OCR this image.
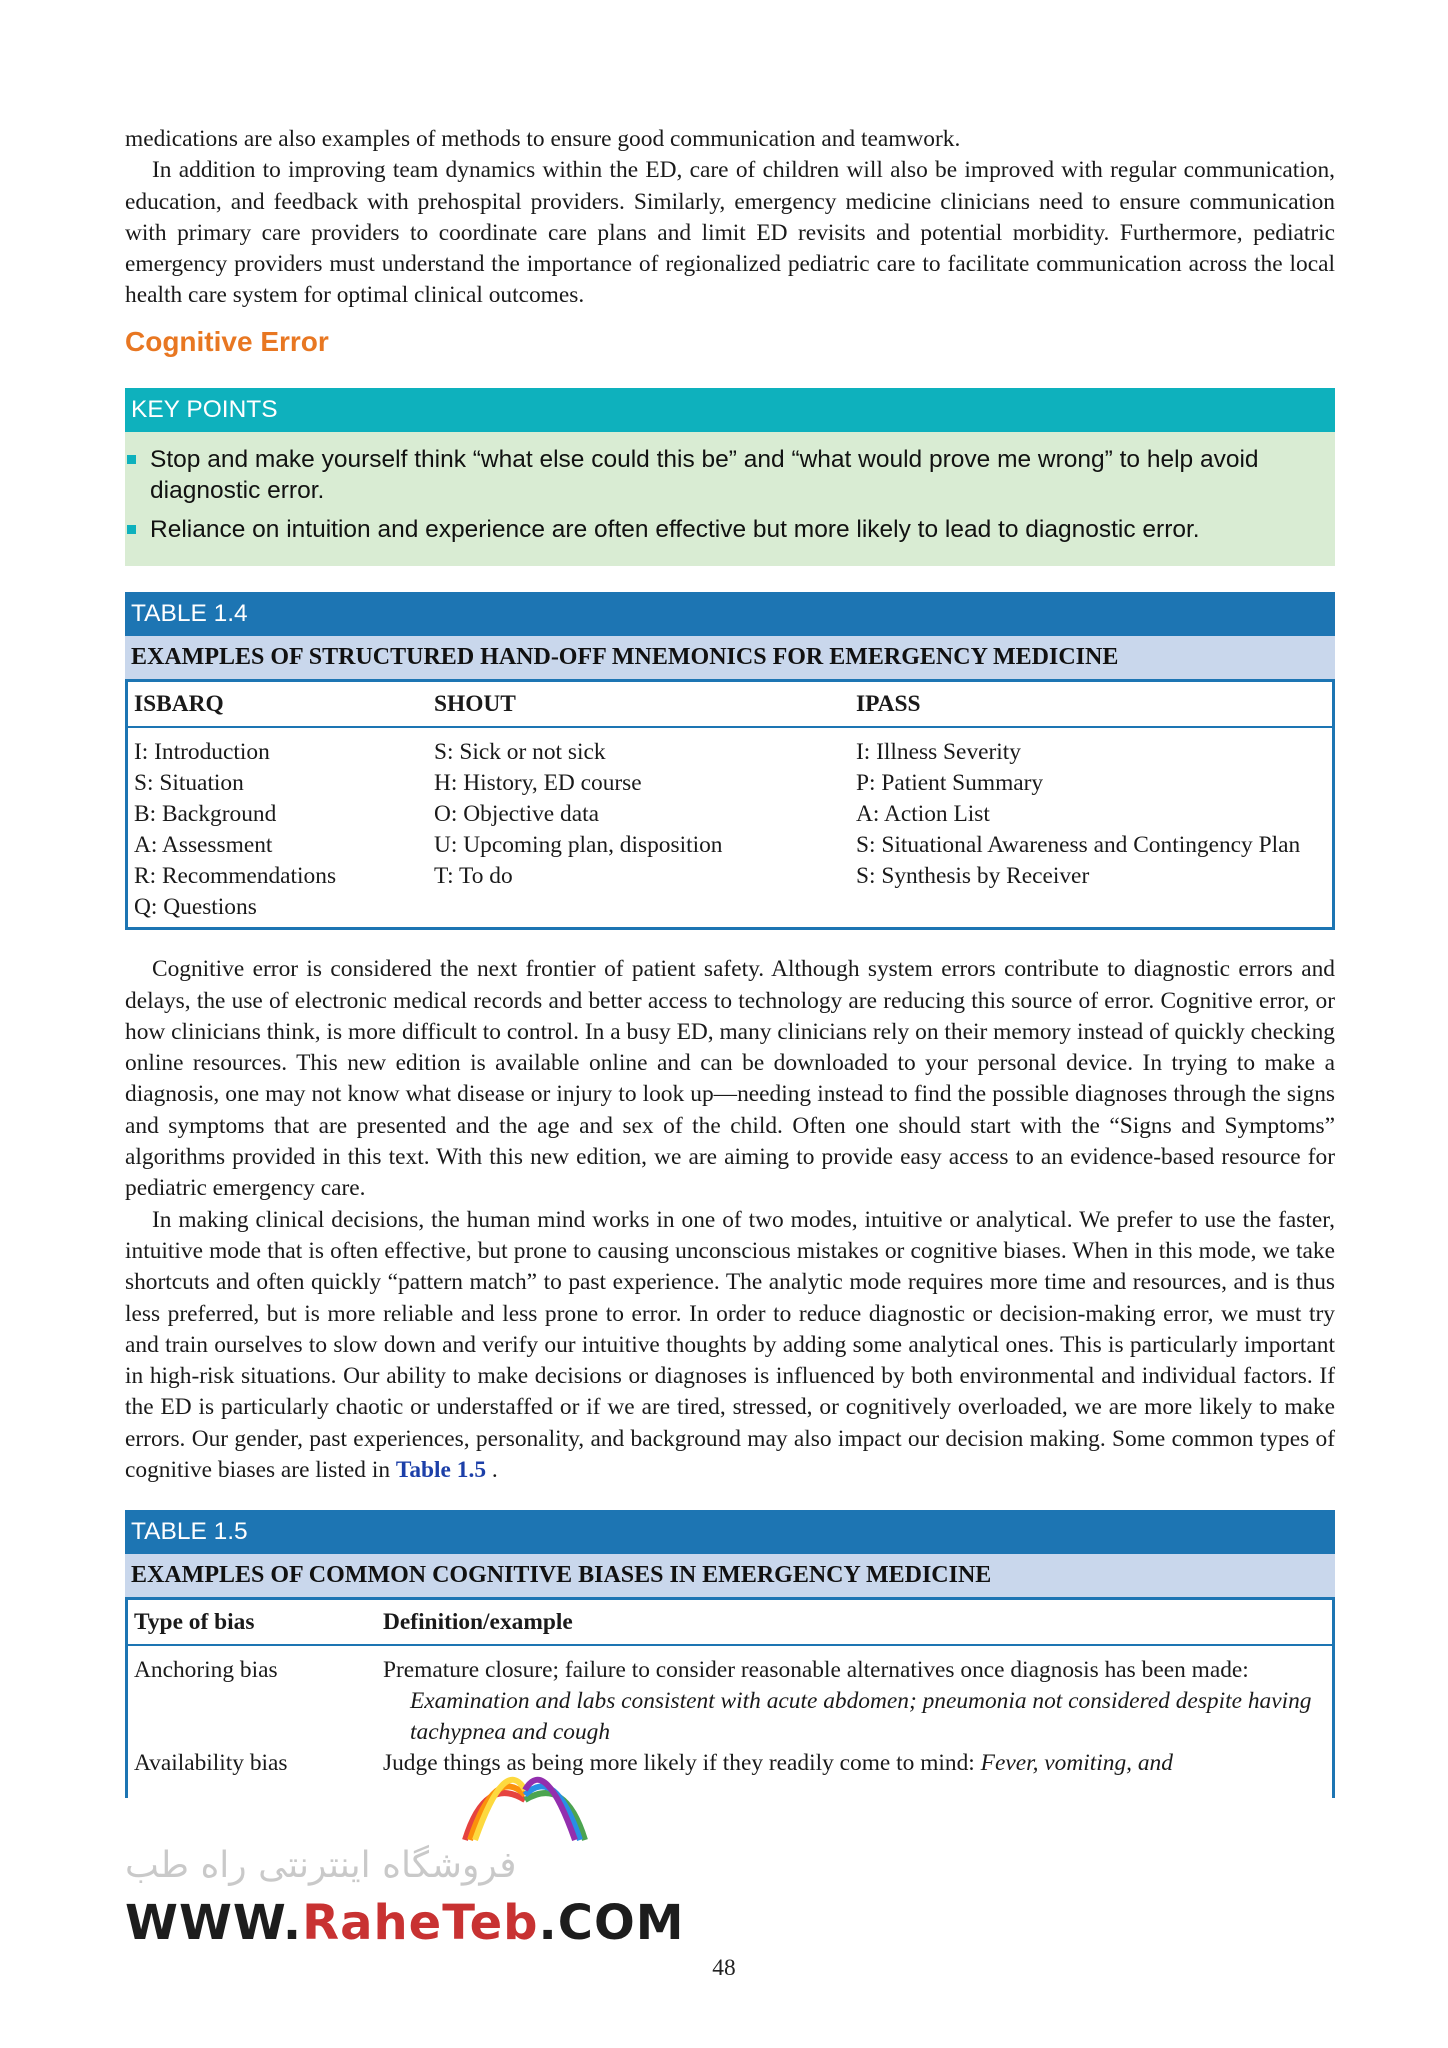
medications are also examples of methods to ensure good communication and teamwork.

In addition to improving team dynamics within the ED, care of children will also be improved with regular communication, education, and feedback with prehospital providers. Similarly, emergency medicine clinicians need to ensure communication with primary care providers to coordinate care plans and limit ED revisits and potential morbidity. Furthermore, pediatric emergency providers must understand the importance of regionalized pediatric care to facilitate communication across the local health care system for optimal clinical outcomes.

Cognitive Error
KEY POINTS
Stop and make yourself think “what else could this be” and “what would prove me wrong” to help avoid diagnostic error.
Reliance on intuition and experience are often effective but more likely to lead to diagnostic error.
TABLE 1.4
EXAMPLES OF STRUCTURED HAND-OFF MNEMONICS FOR EMERGENCY MEDICINE
ISBARQ	SHOUT	IPASS
I: Introduction	S: Sick or not sick	I: Illness Severity
S: Situation	H: History, ED course	P: Patient Summary
B: Background	O: Objective data	A: Action List
A: Assessment	U: Upcoming plan, disposition	S: Situational Awareness and Contingency Plan

R: Recommendations	T: To do	S: Synthesis by Receiver
Q: Questions		

Cognitive error is considered the next frontier of patient safety. Although system errors contribute to diagnostic errors and delays, the use of electronic medical records and better access to technology are reducing this source of error. Cognitive error, or how clinicians think, is more difficult to control. In a busy ED, many clinicians rely on their memory instead of quickly checking online resources. This new edition is available online and can be downloaded to your personal device. In trying to make a diagnosis, one may not know what disease or injury to look up—needing instead to find the possible diagnoses through the signs and symptoms that are presented and the age and sex of the child. Often one should start with the “Signs and Symptoms” algorithms provided in this text. With this new edition, we are aiming to provide easy access to an evidence-based resource for pediatric emergency care.

In making clinical decisions, the human mind works in one of two modes, intuitive or analytical. We prefer to use the faster, intuitive mode that is often effective, but prone to causing unconscious mistakes or cognitive biases. When in this mode, we take shortcuts and often quickly “pattern match” to past experience. The analytic mode requires more time and resources, and is thus less preferred, but is more reliable and less prone to error. In order to reduce diagnostic or decision-making error, we must try and train ourselves to slow down and verify our intuitive thoughts by adding some analytical ones. This is particularly important in high-risk situations. Our ability to make decisions or diagnoses is influenced by both environmental and individual factors. If the ED is particularly chaotic or understaffed or if we are tired, stressed, or cognitively overloaded, we are more likely to make errors. Our gender, past experiences, personality, and background may also impact our decision making. Some common types of cognitive biases are listed in Table 1.5 .

TABLE 1.5
EXAMPLES OF COMMON COGNITIVE BIASES IN EMERGENCY MEDICINE
Type of bias	Definition/example
Anchoring bias	Premature closure; failure to consider reasonable alternatives once diagnosis has been made: Examination and labs consistent with acute abdomen; pneumonia not considered despite having tachypnea and cough

Availability bias	Judge things as being more likely if they readily come to mind: Fever, vomiting, and
فروشگاه اینترنتی راه طب
WWW.RaheTeb.COM
48
